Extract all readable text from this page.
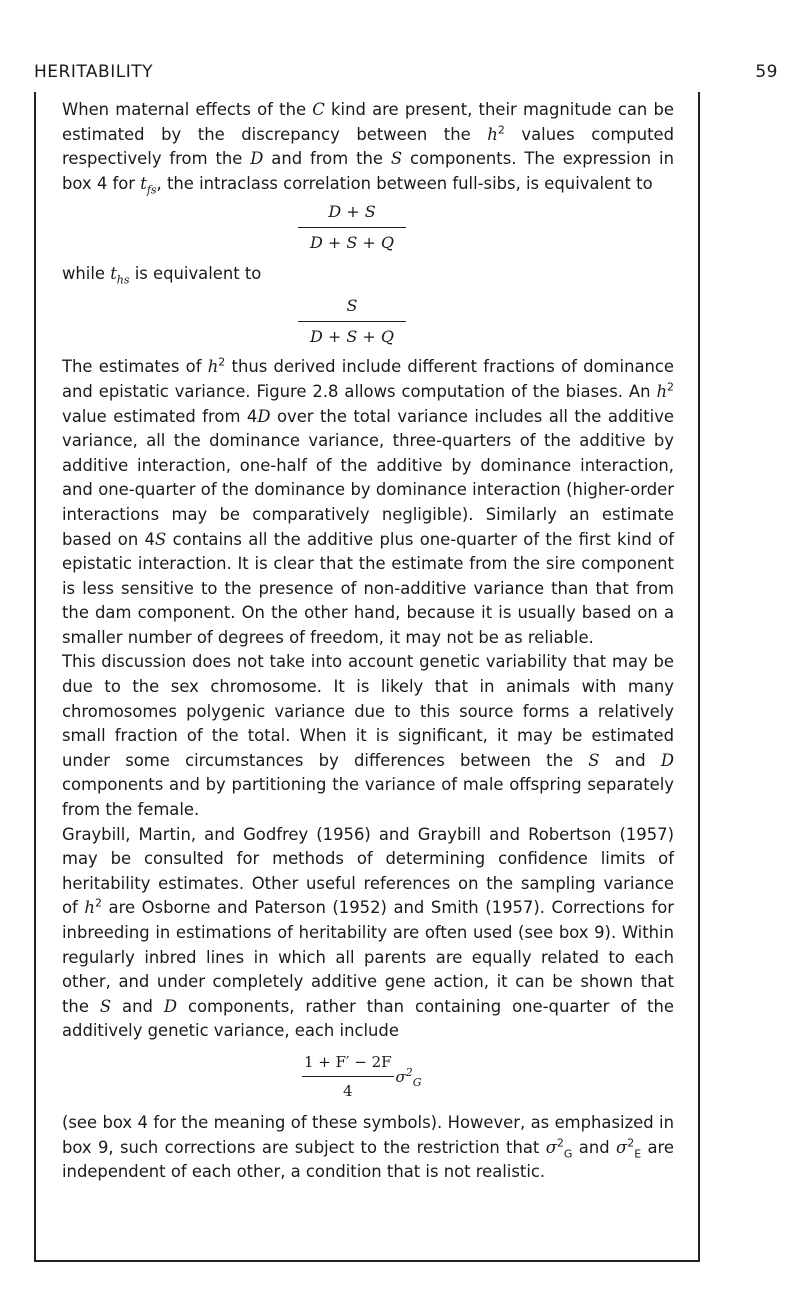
HERITABILITY	59

When maternal effects of the C kind are present, their magnitude can be estimated by the discrepancy between the $h^2$ values computed respectively from the D and from the S components. The expression in box 4 for $t_{fs}$, the intraclass correlation between full-sibs, is equivalent to

D + S
D + S + Q

while $t_{hs}$ is equivalent to

S
D + S + Q

The estimates of $h^2$ thus derived include different fractions of dominance and epistatic variance. Figure 2.8 allows computation of the biases. An $h^2$ value estimated from 4D over the total variance includes all the additive variance, all the dominance variance, three-quarters of the additive by additive interaction, one-half of the additive by dominance interaction, and one-quarter of the dominance by dominance interaction (higher-order interactions may be comparatively negligible). Similarly an estimate based on 4S contains all the additive plus one-quarter of the first kind of epistatic interaction. It is clear that the estimate from the sire component is less sensitive to the presence of non-additive variance than that from the dam component. On the other hand, because it is usually based on a smaller number of degrees of freedom, it may not be as reliable.

This discussion does not take into account genetic variability that may be due to the sex chromosome. It is likely that in animals with many chromosomes polygenic variance due to this source forms a relatively small fraction of the total. When it is significant, it may be estimated under some circumstances by differences between the S and D components and by partitioning the variance of male offspring separately from the female.

Graybill, Martin, and Godfrey (1956) and Graybill and Robertson (1957) may be consulted for methods of determining confidence limits of heritability estimates. Other useful references on the sampling variance of $h^2$ are Osborne and Paterson (1952) and Smith (1957). Corrections for inbreeding in estimations of heritability are often used (see box 9). Within regularly inbred lines in which all parents are equally related to each other, and under completely additive gene action, it can be shown that the S and D components, rather than containing one-quarter of the additively genetic variance, each include

$\frac{1 + F' - 2F}{4} \sigma^2_G$

(see box 4 for the meaning of these symbols). However, as emphasized in box 9, such corrections are subject to the restriction that $\sigma^2_G$ and $\sigma^2_E$ are independent of each other, a condition that is not realistic.
